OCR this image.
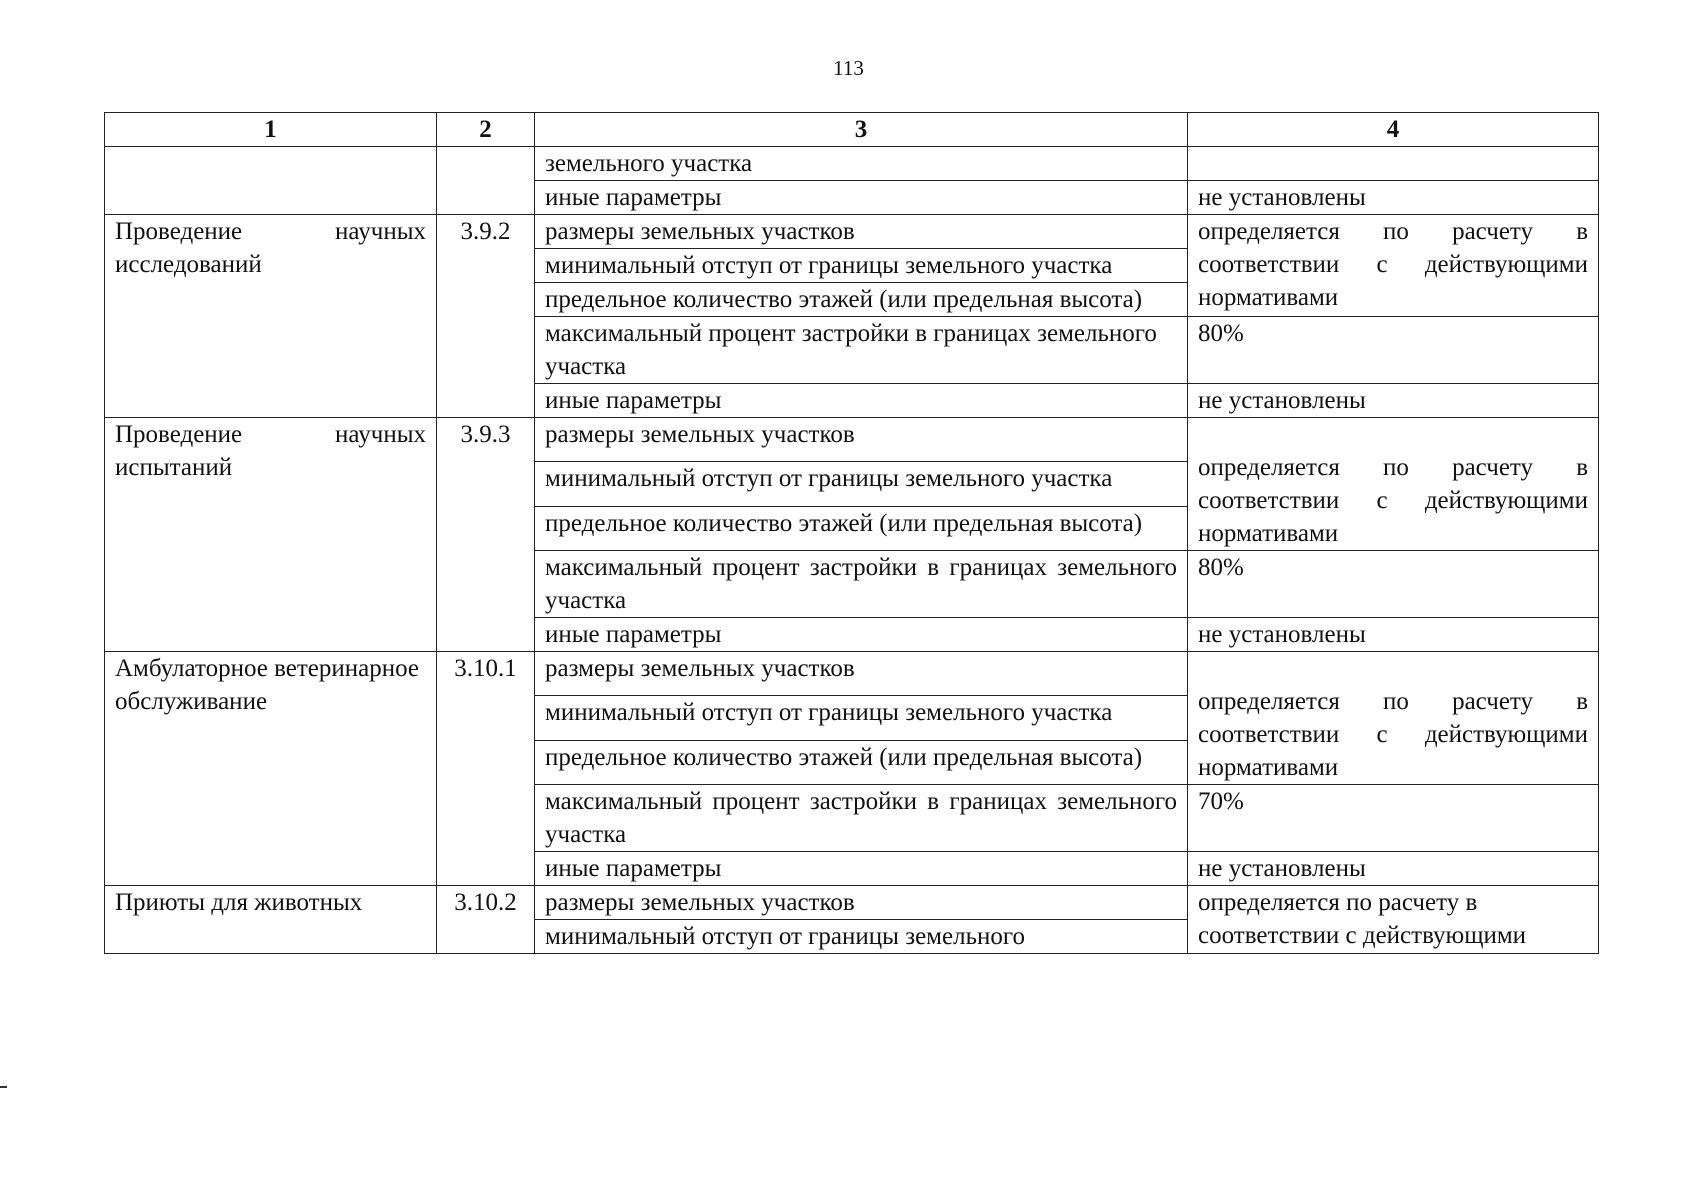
113
1	2	3	4
		земельного участка	
		иные параметры	не установлены
Проведение научных исследований	3.9.2	размеры земельных участков	определяется по расчету в соответствии с действующими нормативами
		минимальный отступ от границы земельного участка	
		предельное количество этажей (или предельная высота)	
		максимальный процент застройки в границах земельного участка	80%
		иные параметры	не установлены
Проведение научных испытаний	3.9.3	размеры земельных участков	определяется по расчету в соответствии с действующими нормативами
		минимальный отступ от границы земельного участка	
		предельное количество этажей (или предельная высота)	
		максимальный процент застройки в границах земельного участка	80%
		иные параметры	не установлены
Амбулаторное ветеринарное обслуживание	3.10.1	размеры земельных участков	определяется по расчету в соответствии с действующими нормативами
		минимальный отступ от границы земельного участка	
		предельное количество этажей (или предельная высота)	
		максимальный процент застройки в границах земельного участка	70%
		иные параметры	не установлены
Приюты для животных	3.10.2	размеры земельных участков	определяется по расчету в соответствии с действующими
		минимальный отступ от границы земельного	
